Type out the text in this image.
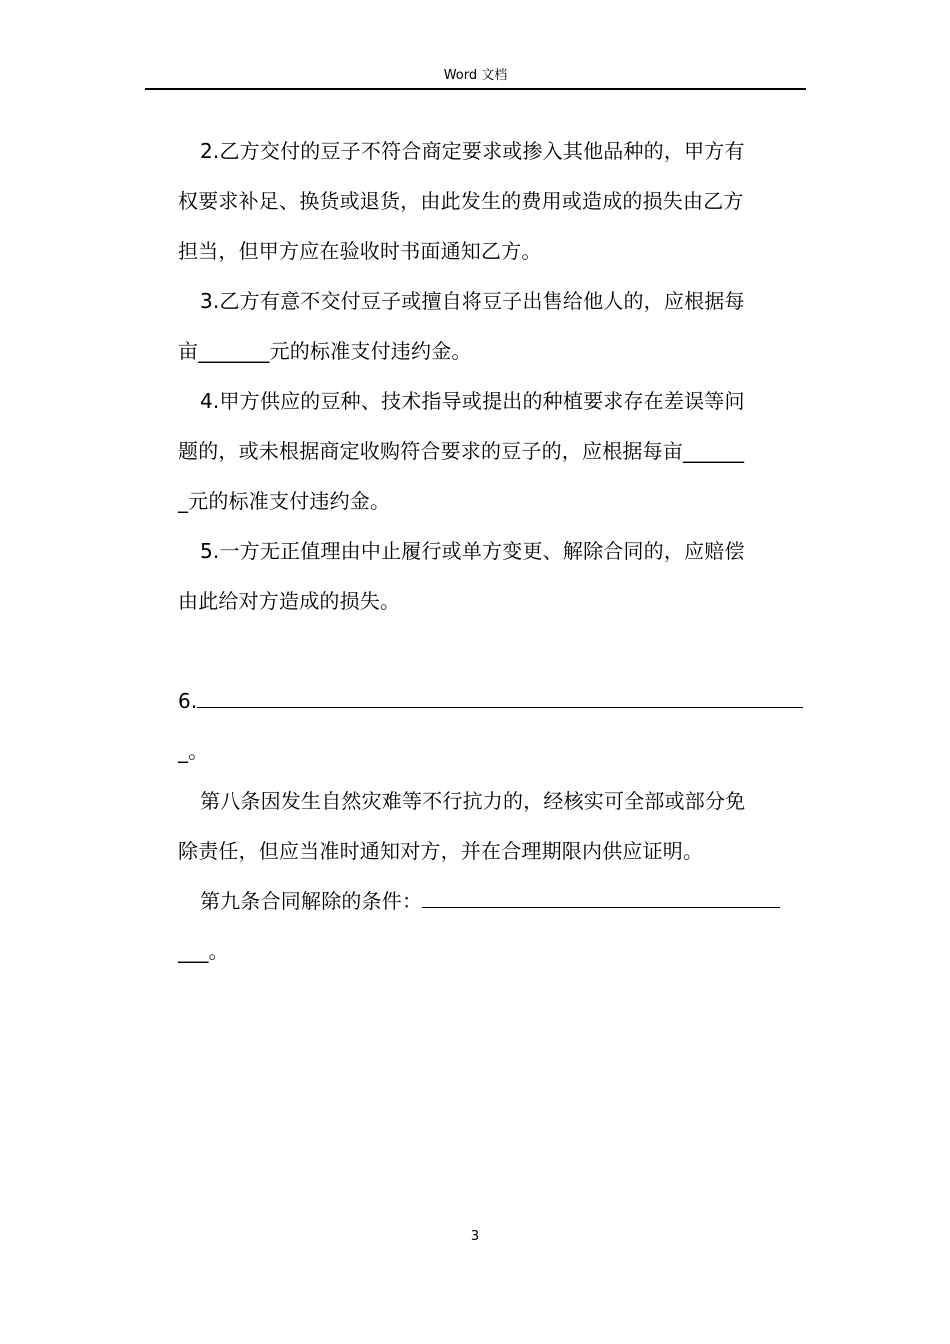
Word 文档
2.乙方交付的豆子不符合商定要求或掺入其他品种的，甲方有
权要求补足、换货或退货，由此发生的费用或造成的损失由乙方
担当，但甲方应在验收时书面通知乙方。
3.乙方有意不交付豆子或擅自将豆子出售给他人的，应根据每
亩_______元的标准支付违约金。
4.甲方供应的豆种、技术指导或提出的种植要求存在差误等问
题的，或未根据商定收购符合要求的豆子的，应根据每亩______
_元的标准支付违约金。
5.一方无正值理由中止履行或单方变更、解除合同的，应赔偿
由此给对方造成的损失。
6.
_。
第八条因发生自然灾难等不行抗力的，经核实可全部或部分免
除责任，但应当准时通知对方，并在合理期限内供应证明。
第九条合同解除的条件：
___。
3
